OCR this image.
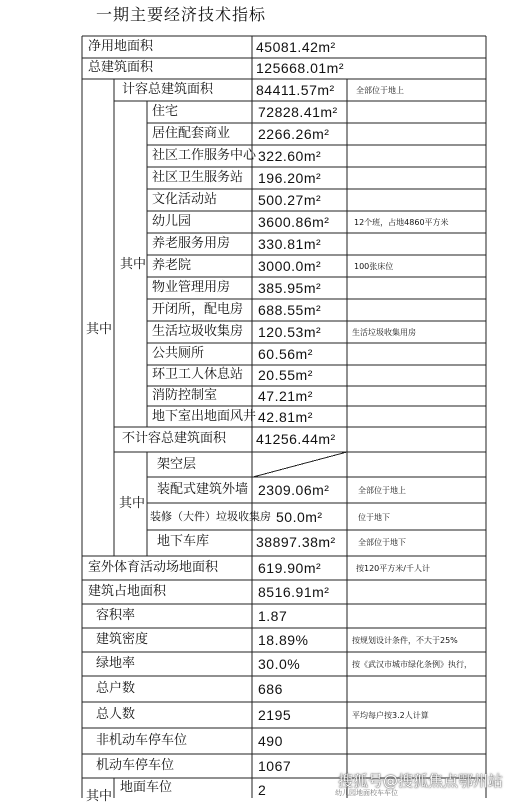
一期主要经济技术指标
净用地面积	45081.42m²
总建筑面积	125668.01m²
其中
计容总建筑面积	84411.57m²	全部位于地上
其中
住宅	72828.41m²
居住配套商业 2266.26m²
社区工作服务中心 322.60m²
社区卫生服务站 196.20m²
文化活动站	500.27m²
幼儿园	3600.86m²	12个班，占地4860平方米
养老服务用房 330.81m²
养老院	3000.0m²	100张床位
物业管理用房 385.95m²
开闭所，配电房 688.55m²
生活垃圾收集房 120.53m²	生活垃圾收集用房
公共厕所	60.56m²
环卫工人休息站 20.55m²
消防控制室	47.21m²
地下室出地面风井 42.81m²
不计容总建筑面积 41256.44m²
其中
架空层
装配式建筑外墙 2309.06m²	全部位于地上
装修（大件）垃圾收集房 50.0m²	位于地下
地下车库	38897.38m²	全部位于地下
室外体育活动场地面积	619.90m²	按120平方米/千人计
建筑占地面积	8516.91m²
容积率	1.87
建筑密度	18.89%	按规划设计条件，不大于25%
绿地率	30.0%	按《武汉市城市绿化条例》执行，
总户数	686
总人数	2195	平均每户按3.2人计算
非机动车停车位	490
机动车停车位	1067
其中
地面车位	2	幼儿园地面校车车位
搜狐号@搜狐焦点鄂州站
